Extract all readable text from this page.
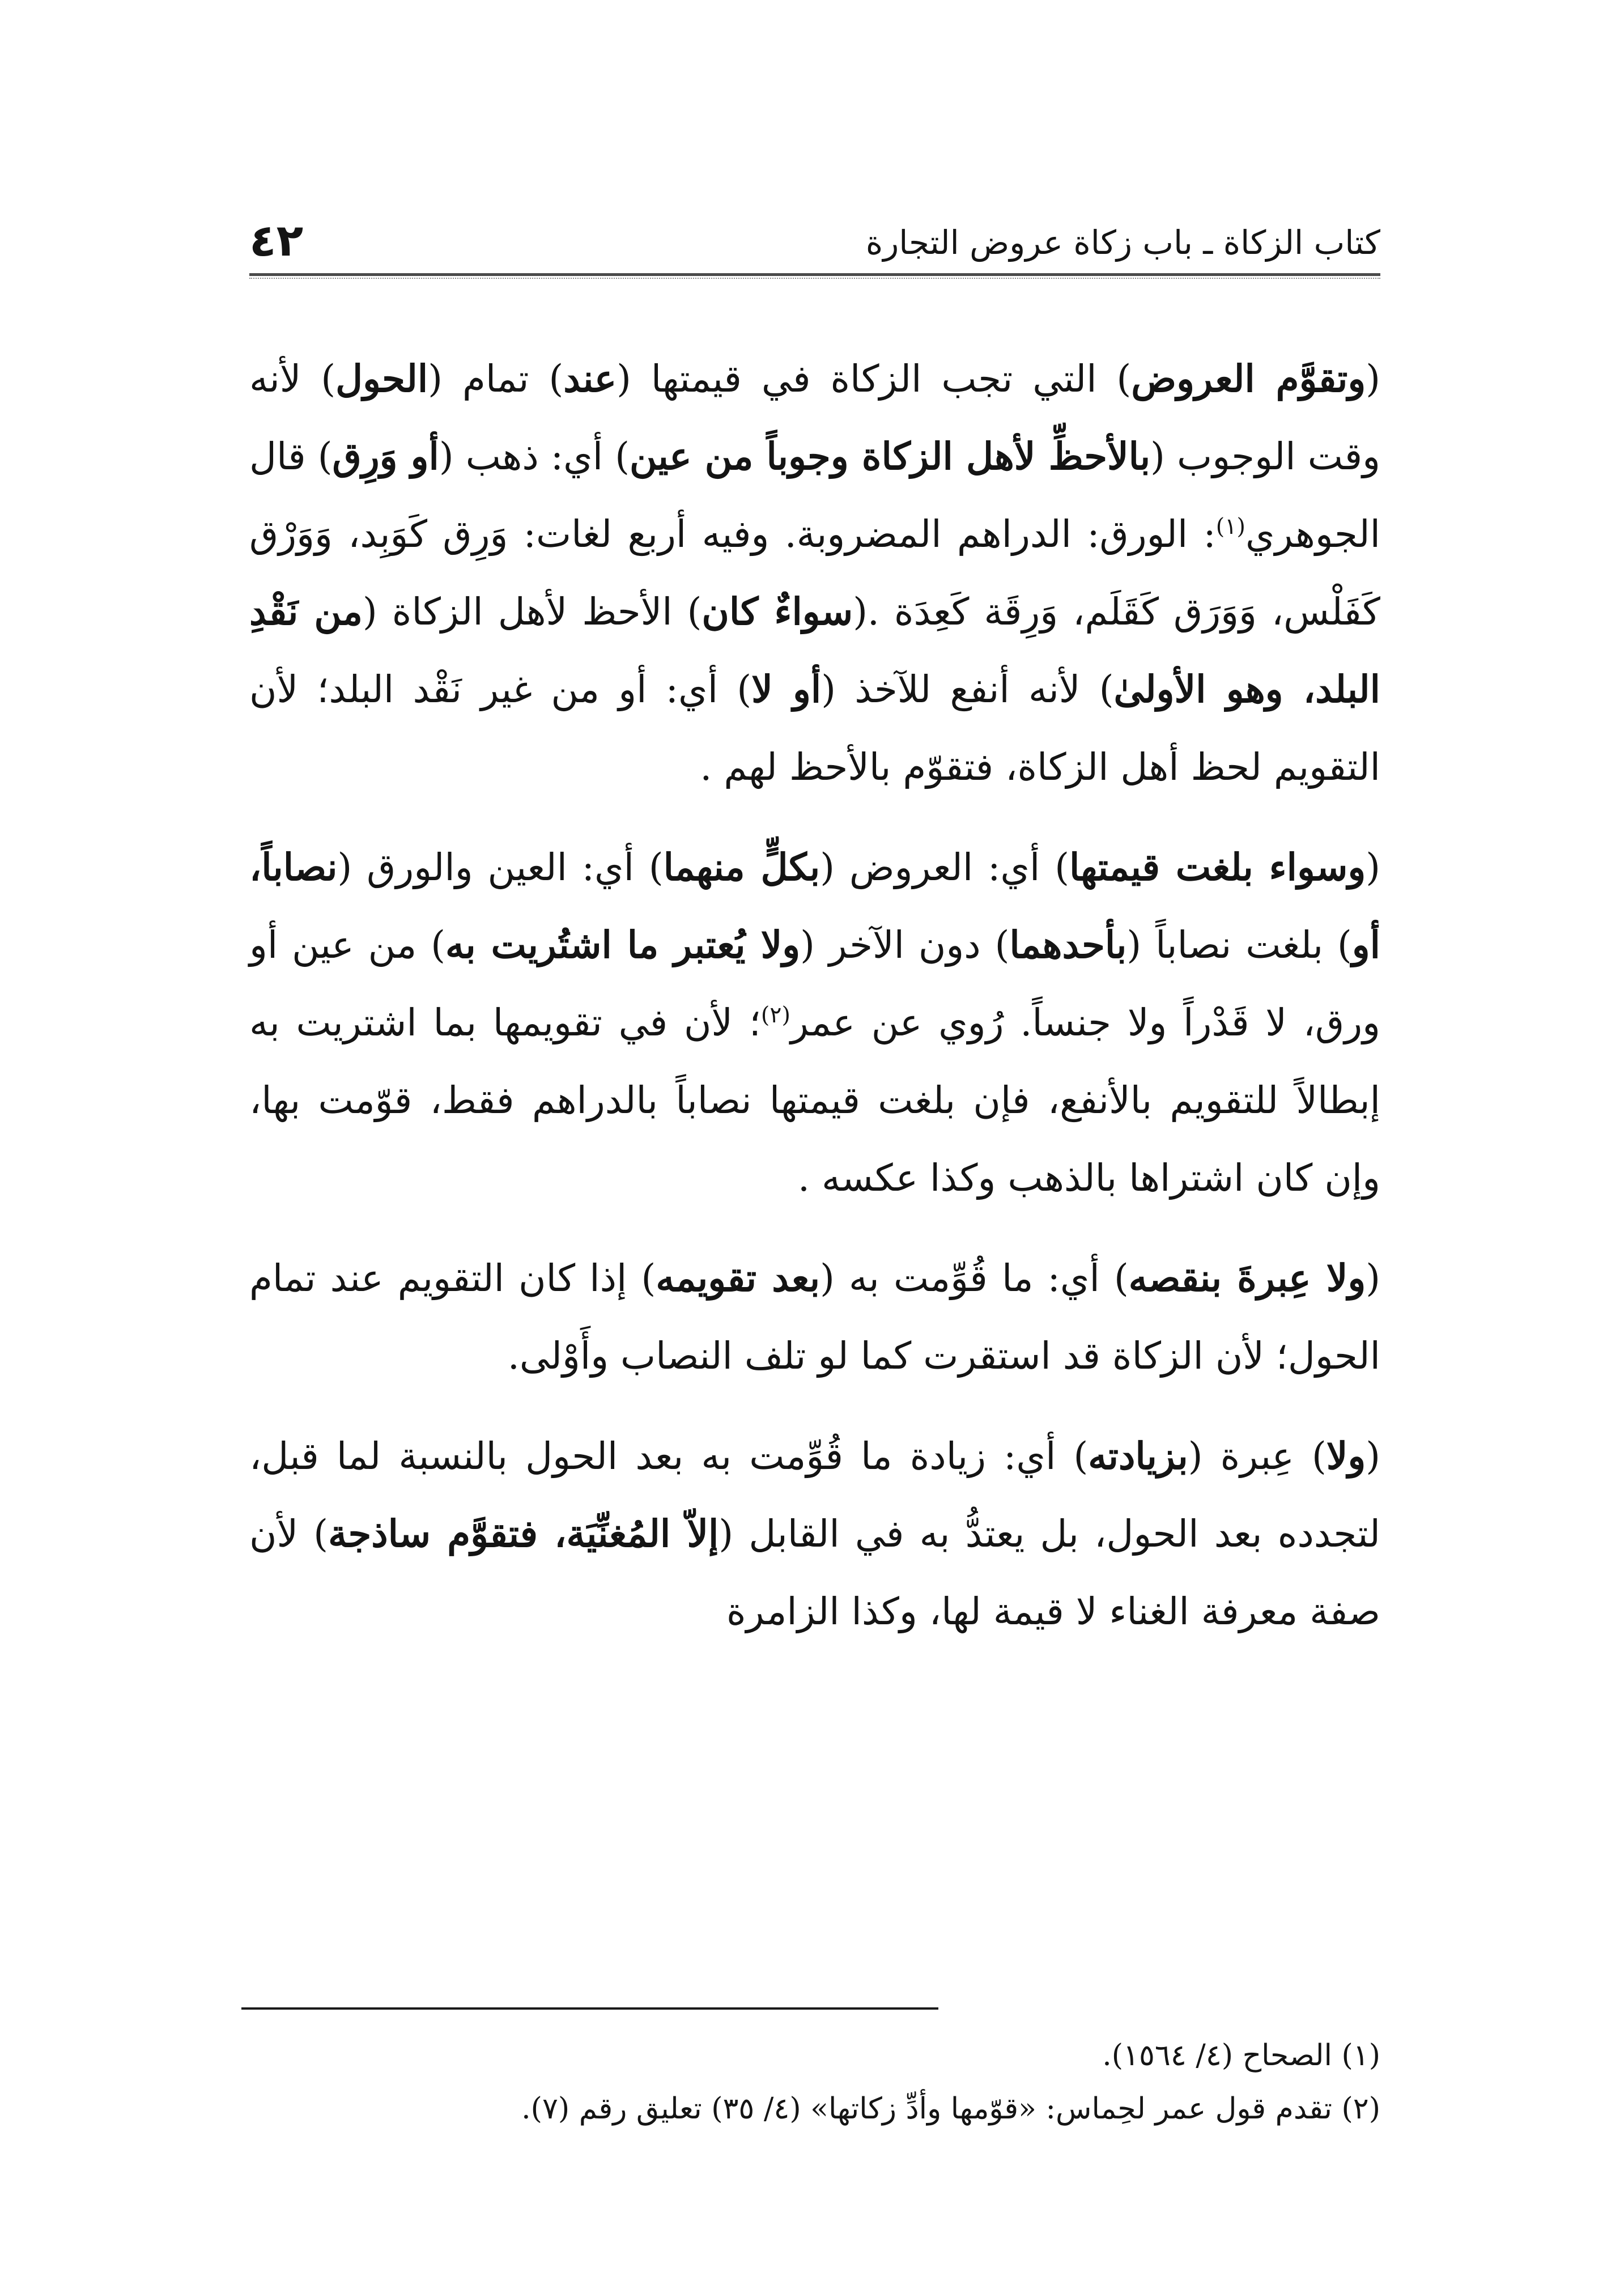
كتاب الزكاة ـ باب زكاة عروض التجارة
٤٢

(وتقوَّم العروض) التي تجب الزكاة في قيمتها (عند) تمام (الحول) لأنه وقت الوجوب (بالأحظِّ لأهل الزكاة وجوباً من عين) أي: ذهب (أو وَرِق) قال الجوهري$^{(١)}$: الورق: الدراهم المضروبة. وفيه أربع لغات: وَرِق كَوَبِد، وَوَرْق كَفَلْس، وَوَرَق كَقَلَم، وَرِقَة كَعِدَة .(سواءٌ كان) الأحظ لأهل الزكاة (من نَقْدِ البلد، وهو الأولىٰ) لأنه أنفع للآخذ (أو لا) أي: أو من غير نَقْد البلد؛ لأن التقويم لحظ أهل الزكاة، فتقوّم بالأحظ لهم .

(وسواء بلغت قيمتها) أي: العروض (بكلٍّ منهما) أي: العين والورق (نصاباً، أو) بلغت نصاباً (بأحدهما) دون الآخر (ولا يُعتبر ما اشتُريت به) من عين أو ورق، لا قَدْراً ولا جنساً. رُوي عن عمر$^{(٢)}$؛ لأن في تقويمها بما اشتريت به إبطالاً للتقويم بالأنفع، فإن بلغت قيمتها نصاباً بالدراهم فقط، قوّمت بها، وإن كان اشتراها بالذهب وكذا عكسه .

(ولا عِبرةَ بنقصه) أي: ما قُوِّمت به (بعد تقويمه) إذا كان التقويم عند تمام الحول؛ لأن الزكاة قد استقرت كما لو تلف النصاب وأَوْلى.

(ولا) عِبرة (بزيادته) أي: زيادة ما قُوِّمت به بعد الحول بالنسبة لما قبل، لتجدده بعد الحول، بل يعتدُّ به في القابل (إلاّ المُغنِّيَة، فتقوَّم ساذجة) لأن صفة معرفة الغناء لا قيمة لها، وكذا الزامرة

(١) الصحاح (٤/ ١٥٦٤).
(٢) تقدم قول عمر لحِماس: «قوّمها وأدِّ زكاتها» (٤/ ٣٥) تعليق رقم (٧).
